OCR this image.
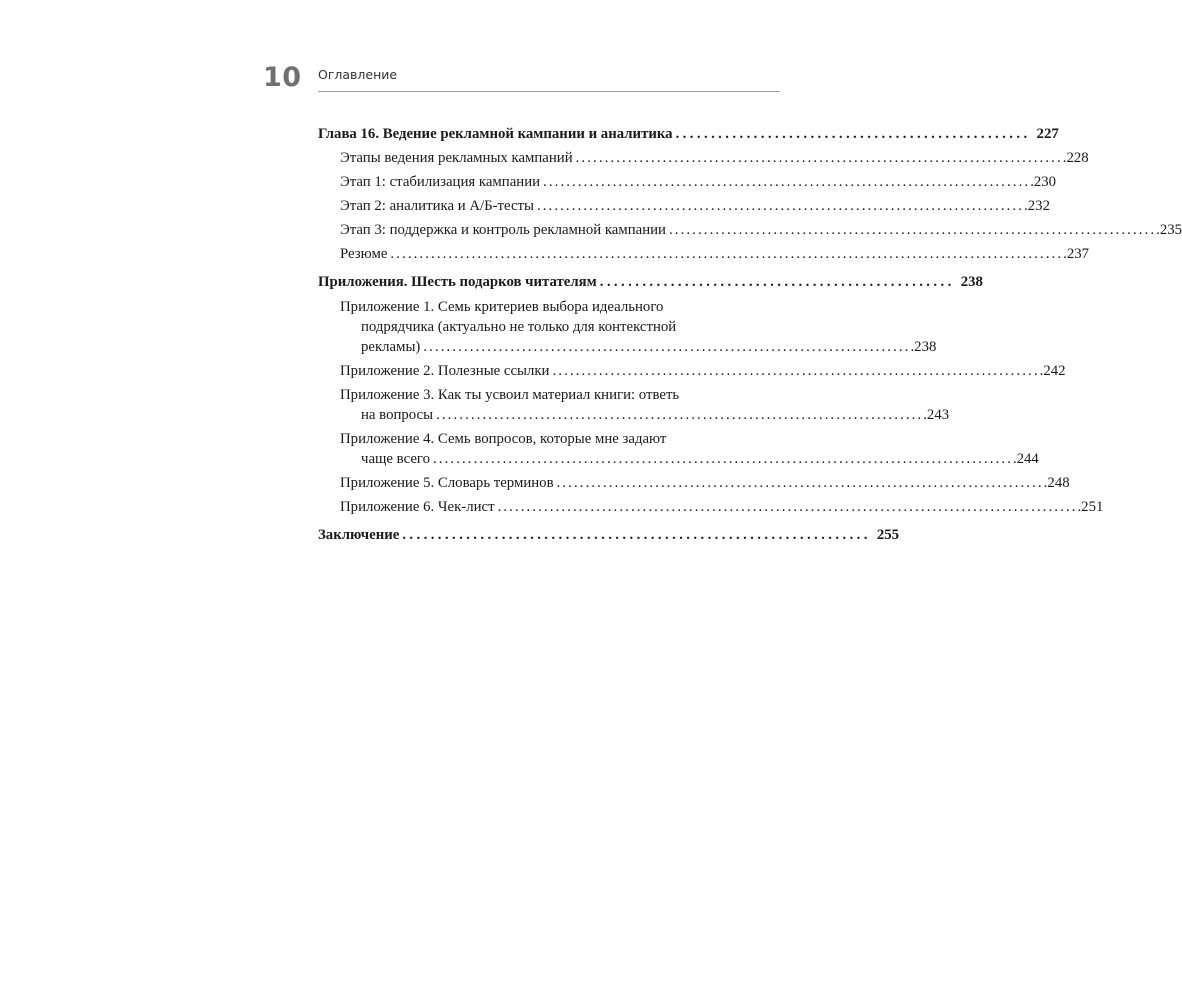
10 Оглавление
Глава 16. Ведение рекламной кампании и аналитика .................................................. 227
Этапы ведения рекламных кампаний .................................................................................... .228
Этап 1: стабилизация кампании .................................................................................... .230
Этап 2: аналитика и А/Б-тесты .................................................................................... .232
Этап 3: поддержка и контроль рекламной кампании .................................................................................... .235
Резюме .................................................................................................................... .237
Приложения. Шесть подарков читателям .................................................. 238
Приложение 1. Семь критериев выбора идеального
подрядчика (актуально не только для контекстной
рекламы) .................................................................................... .238
Приложение 2. Полезные ссылки .................................................................................... .242
Приложение 3. Как ты усвоил материал книги: ответь
на вопросы .................................................................................... .243
Приложение 4. Семь вопросов, которые мне задают
чаще всего .................................................................................................... .244
Приложение 5. Словарь терминов .................................................................................... .248
Приложение 6. Чек-лист .................................................................................................... .251
Заключение .................................................................. 255
